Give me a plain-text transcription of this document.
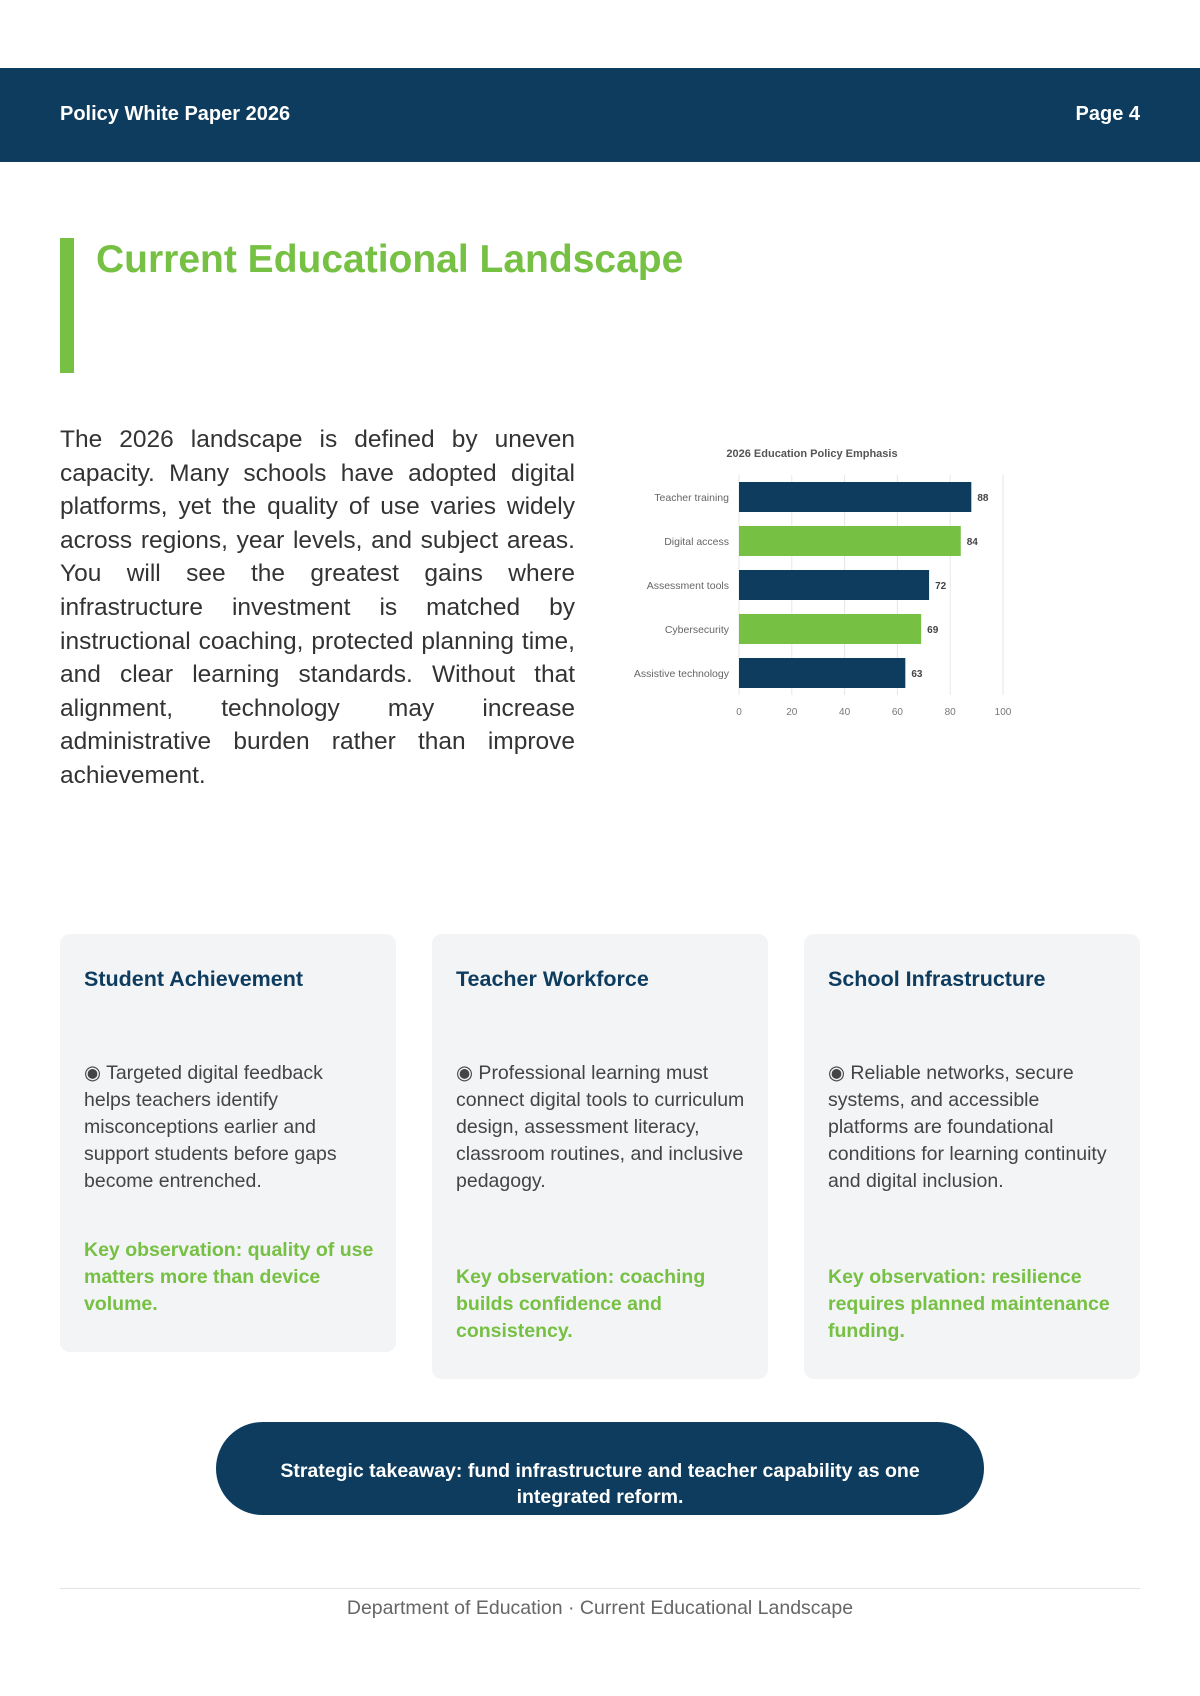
Policy White Paper 2026	Page 4
Current Educational Landscape

The 2026 landscape is defined by uneven capacity. Many schools have adopted digital platforms, yet the quality of use varies widely across regions, year levels, and subject areas. You will see the greatest gains where infrastructure investment is matched by instructional coaching, protected planning time, and clear learning standards. Without that alignment, technology may increase administrative burden rather than improve achievement.

2026 Education Policy Emphasis
0	20	40	60	80	100
Teacher training	88
Digital access	84
Assessment tools	72
Cybersecurity	69
Assistive technology	63
Student Achievement

◉ Targeted digital feedback helps teachers identify misconceptions earlier and support students before gaps become entrenched.

Key observation: quality of use matters more than device volume.

Teacher Workforce

◉ Professional learning must connect digital tools to curriculum design, assessment literacy, classroom routines, and inclusive pedagogy.

Key observation: coaching builds confidence and consistency.

School Infrastructure

◉ Reliable networks, secure systems, and accessible platforms are foundational conditions for learning continuity and digital inclusion.

Key observation: resilience requires planned maintenance funding.

Strategic takeaway: fund infrastructure and teacher capability as one integrated reform.
Department of Education · Current Educational Landscape
